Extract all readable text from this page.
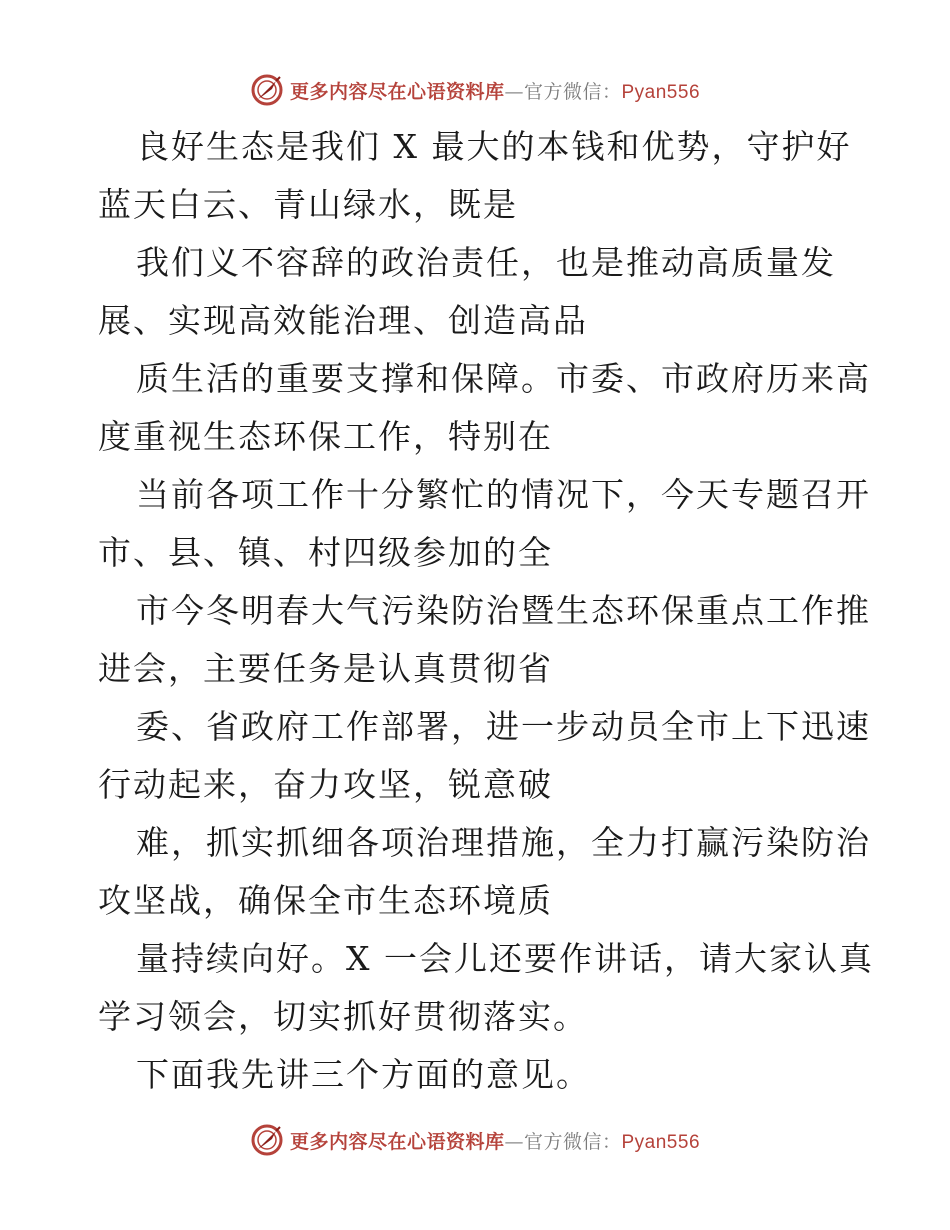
更多内容尽在心语资料库—官方微信：Pyan556
良好生态是我们 X 最大的本钱和优势，守护好
蓝天白云、青山绿水，既是
我们义不容辞的政治责任，也是推动高质量发
展、实现高效能治理、创造高品
质生活的重要支撑和保障。市委、市政府历来高
度重视生态环保工作，特别在
当前各项工作十分繁忙的情况下，今天专题召开
市、县、镇、村四级参加的全
市今冬明春大气污染防治暨生态环保重点工作推
进会，主要任务是认真贯彻省
委、省政府工作部署，进一步动员全市上下迅速
行动起来，奋力攻坚，锐意破
难，抓实抓细各项治理措施，全力打赢污染防治
攻坚战，确保全市生态环境质
量持续向好。X 一会儿还要作讲话，请大家认真
学习领会，切实抓好贯彻落实。
下面我先讲三个方面的意见。
更多内容尽在心语资料库—官方微信：Pyan556
